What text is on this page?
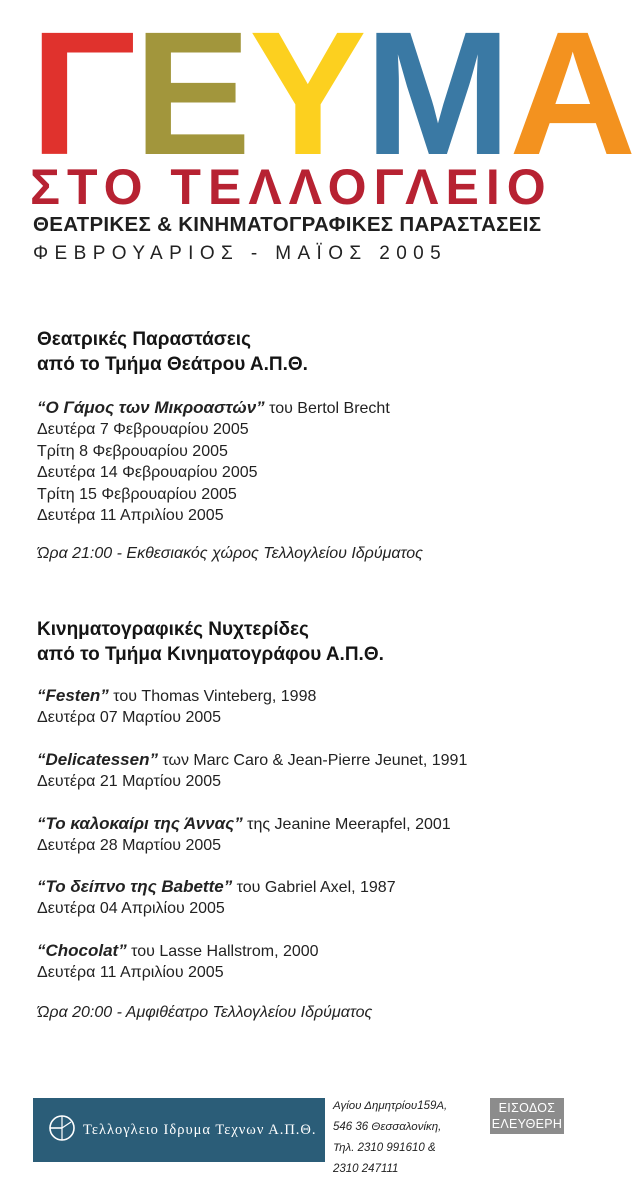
Γ Ε Υ Μ Α
ΣΤΟ ΤΕΛΛΟΓΛΕΙΟ
ΘΕΑΤΡΙΚΕΣ & ΚΙΝΗΜΑΤΟΓΡΑΦΙΚΕΣ ΠΑΡΑΣΤΑΣΕΙΣ
ΦΕΒΡΟΥΑΡΙΟΣ - ΜΑΪΟΣ 2005
Θεατρικές Παραστάσεις
από το Τμήμα Θεάτρου Α.Π.Θ.
“Ο Γάμος των Μικροαστών” του Bertol Brecht
Δευτέρα 7 Φεβρουαρίου 2005
Τρίτη 8 Φεβρουαρίου 2005
Δευτέρα 14 Φεβρουαρίου 2005
Τρίτη 15 Φεβρουαρίου 2005
Δευτέρα 11 Απριλίου 2005
Ώρα 21:00 - Εκθεσιακός χώρος Τελλογλείου Ιδρύματος
Κινηματογραφικές Νυχτερίδες
από το Τμήμα Κινηματογράφου Α.Π.Θ.
“Festen” του Thomas Vinteberg, 1998
Δευτέρα 07 Μαρτίου 2005
“Delicatessen” των Marc Caro & Jean-Pierre Jeunet, 1991
Δευτέρα 21 Μαρτίου 2005
“Το καλοκαίρι της Άννας” της Jeanine Meerapfel, 2001
Δευτέρα 28 Μαρτίου 2005
“Το δείπνο της Babette” του Gabriel Axel, 1987
Δευτέρα 04 Απριλίου 2005
“Chocolat” του Lasse Hallstrom, 2000
Δευτέρα 11 Απριλίου 2005
Ώρα 20:00 - Αμφιθέατρο Τελλογλείου Ιδρύματος
Τελλογλειο Ιδρυμα Τεχνων Α.Π.Θ.
Αγίου Δημητρίου159Α,
546 36 Θεσσαλονίκη,
Τηλ. 2310 991610 &
2310 247111
ΕΙΣΟΔΟΣ
ΕΛΕΥΘΕΡΗ
